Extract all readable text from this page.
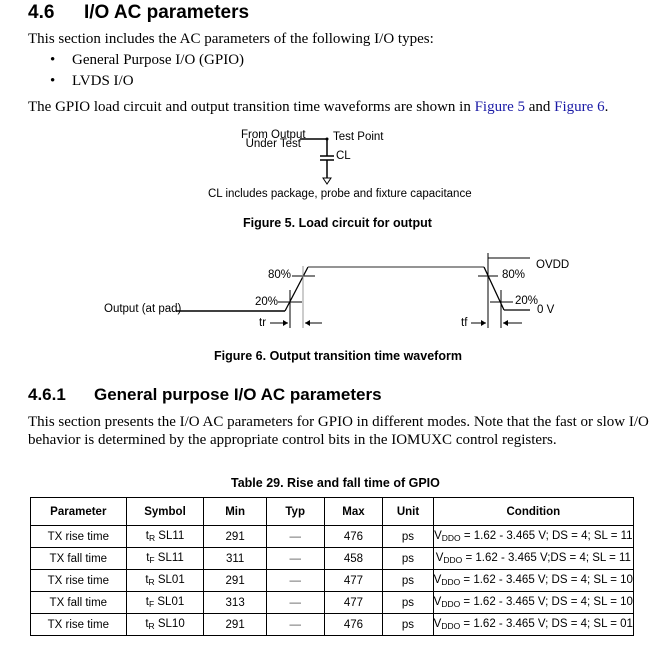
4.6 I/O AC parameters
This section includes the AC parameters of the following I/O types:
• General Purpose I/O (GPIO)
• LVDS I/O
The GPIO load circuit and output transition time waveforms are shown in Figure 5 and Figure 6.
From Output
Under Test
Test Point
CL
CL includes package, probe and fixture capacitance
Figure 5. Load circuit for output
Output (at pad)
80%
20%
tr	tf
OVDD
80%
20%
0 V
Figure 6. Output transition time waveform
4.6.1 General purpose I/O AC parameters
This section presents the I/O AC parameters for GPIO in different modes. Note that the fast or slow I/O
behavior is determined by the appropriate control bits in the IOMUXC control registers.
Table 29. Rise and fall time of GPIO
Parameter	Symbol	Min	Typ	Max	Unit	Condition
TX rise time	$t_R$ SL11	291	—	476	ps	$V_{DDO} = 1.62 - 3.465$ V; DS = 4; SL = 11
TX fall time	$t_F$ SL11	311	—	458	ps	$V_{DDO} = 1.62 - 3.465$ V;DS = 4; SL = 11
TX rise time	$t_R$ SL01	291	—	477	ps	$V_{DDO} = 1.62 - 3.465$ V; DS = 4; SL = 10
TX fall time	$t_F$ SL01	313	—	477	ps	$V_{DDO} = 1.62 - 3.465$ V; DS = 4; SL = 10
TX rise time	$t_R$ SL10	291	—	476	ps	$V_{DDO} = 1.62 - 3.465$ V; DS = 4; SL = 01
